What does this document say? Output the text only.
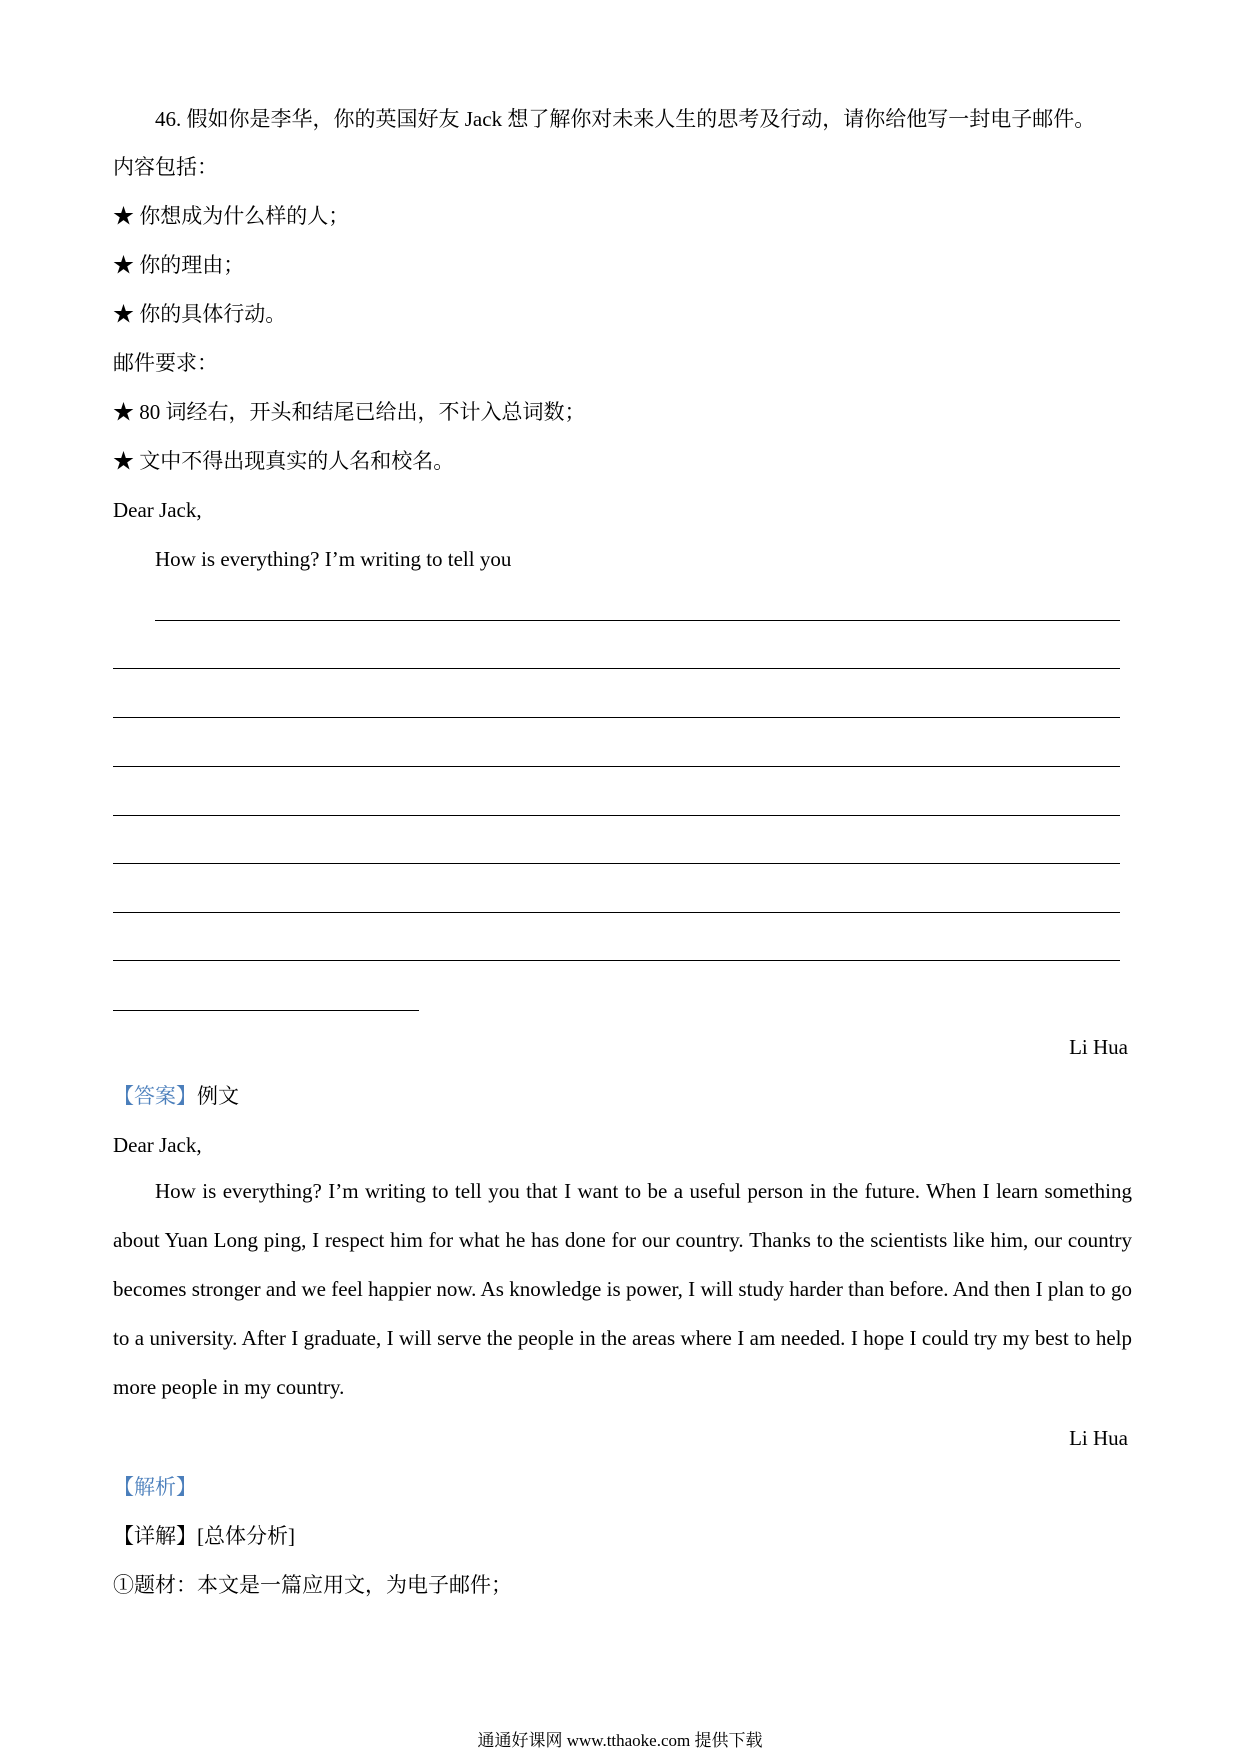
46. 假如你是李华，你的英国好友 Jack 想了解你对未来人生的思考及行动，请你给他写一封电子邮件。
内容包括：
★ 你想成为什么样的人；
★ 你的理由；
★ 你的具体行动。
邮件要求：
★ 80 词经右，开头和结尾已给出，不计入总词数；
★ 文中不得出现真实的人名和校名。
Dear Jack,
How is everything? I’m writing to tell you
Li Hua
【答案】例文
Dear Jack,
How is everything? I’m writing to tell you that I want to be a useful person in the future. When I learn something about Yuan Long ping, I respect him for what he has done for our country. Thanks to the scientists like him, our country becomes stronger and we feel happier now. As knowledge is power, I will study harder than before. And then I plan to go to a university. After I graduate, I will serve the people in the areas where I am needed. I hope I could try my best to help more people in my country.
Li Hua
【解析】
【详解】[总体分析]
①题材：本文是一篇应用文，为电子邮件；
通通好课网 www.tthaoke.com 提供下载
